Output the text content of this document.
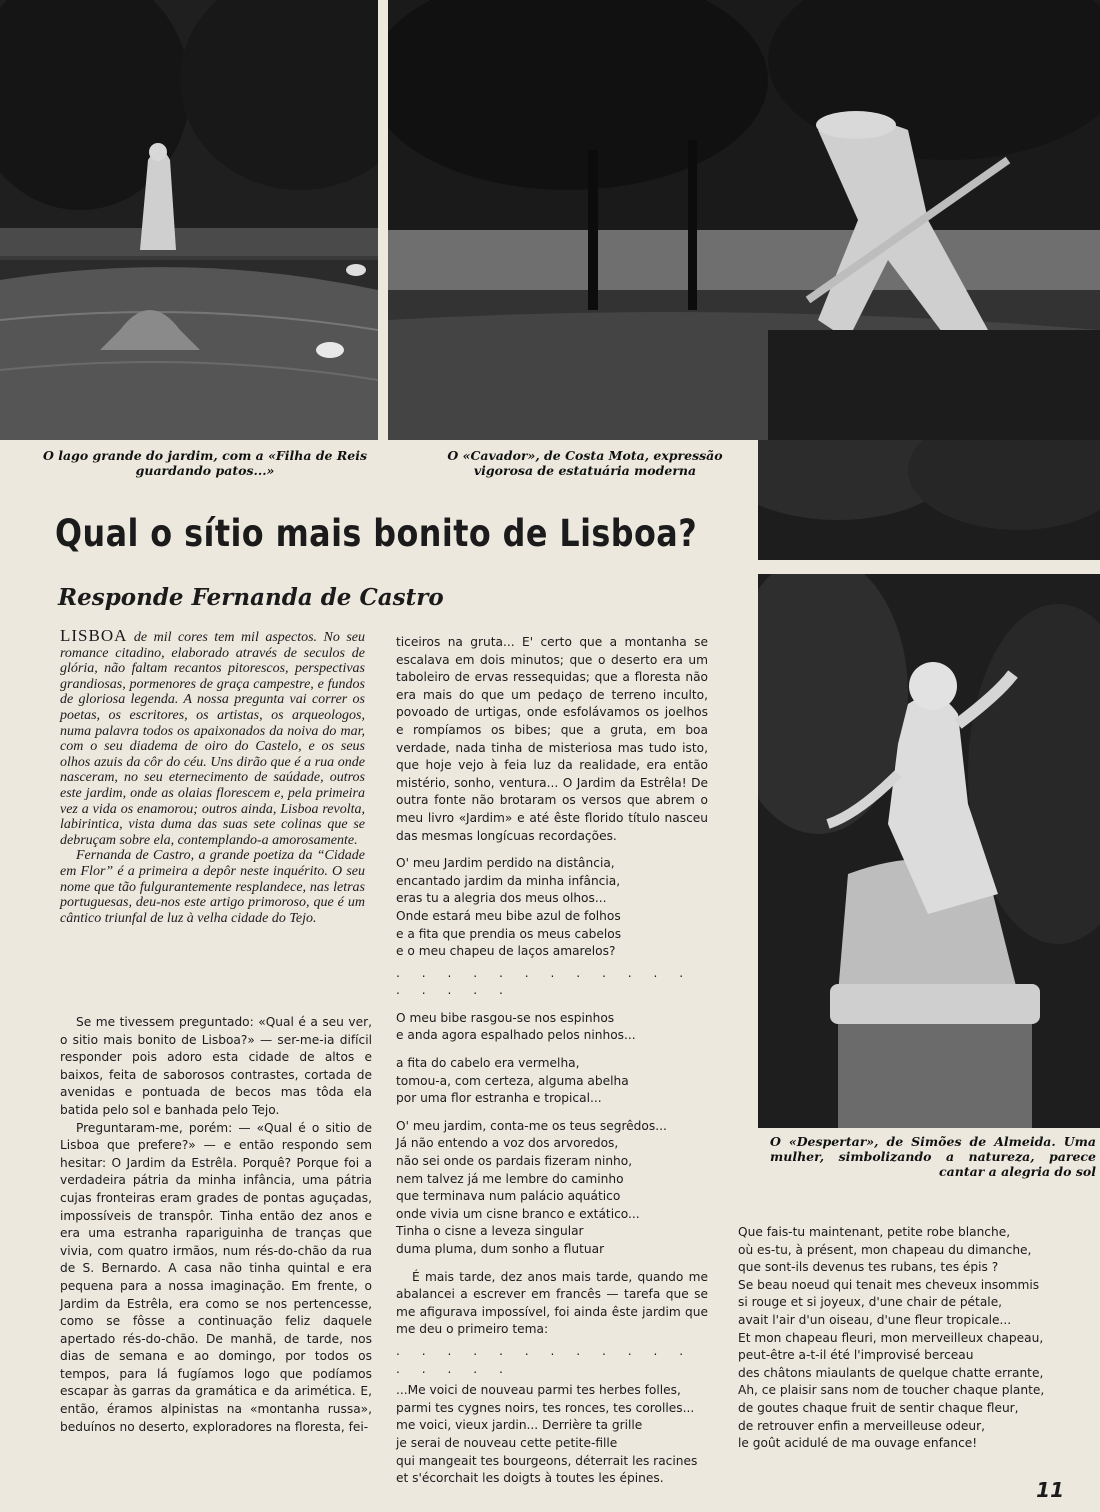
O lago grande do jardim, com a «Filha de Reis guardando patos...»
O «Cavador», de Costa Mota, expressão vigorosa de estatuária moderna
O «Despertar», de Simões de Almeida. Uma mulher, simbolizando a natureza, parece cantar a alegria do sol
Qual o sítio mais bonito de Lisboa?
Responde Fernanda de Castro

LISBOA de mil cores tem mil aspectos. No seu romance citadino, elaborado através de seculos de glória, não faltam recantos pitorescos, perspectivas grandiosas, pormenores de graça campestre, e fundos de gloriosa legenda. A nossa pregunta vai correr os poetas, os escritores, os artistas, os arqueologos, numa palavra todos os apaixonados da noiva do mar, com o seu diadema de oiro do Castelo, e os seus olhos azuis da côr do céu. Uns dirão que é a rua onde nasceram, no seu eternecimento de saúdade, outros este jardim, onde as olaias florescem e, pela primeira vez a vida os enamorou; outros ainda, Lisboa revolta, labirintica, vista duma das suas sete colinas que se debruçam sobre ela, contemplando-a amorosamente.

Fernanda de Castro, a grande poetiza da “Cidade em Flor” é a primeira a depôr neste inquérito. O seu nome que tão fulgurantemente resplandece, nas letras portuguesas, deu-nos este artigo primoroso, que é um cântico triunfal de luz à velha cidade do Tejo.

Se me tivessem preguntado: «Qual é a seu ver, o sitio mais bonito de Lisboa?» — ser-me-ia difícil responder pois adoro esta cidade de altos e baixos, feita de saborosos contrastes, cortada de avenidas e pontuada de becos mas tôda ela batida pelo sol e banhada pelo Tejo.

Preguntaram-me, porém: — «Qual é o sitio de Lisboa que prefere?» — e então respondo sem hesitar: O Jardim da Estrêla. Porquê? Porque foi a verdadeira pátria da minha infância, uma pátria cujas fronteiras eram grades de pontas aguçadas, impossíveis de transpôr. Tinha então dez anos e era uma estranha rapariguinha de tranças que vivia, com quatro irmãos, num rés-do-chão da rua de S. Bernardo. A casa não tinha quintal e era pequena para a nossa imaginação. Em frente, o Jardim da Estrêla, era como se nos pertencesse, como se fôsse a continuação feliz daquele apertado rés-do-chão. De manhã, de tarde, nos dias de semana e ao domingo, por todos os tempos, para lá fugíamos logo que podíamos escapar às garras da gramática e da arimética. E, então, éramos alpinistas na «montanha russa», beduínos no deserto, exploradores na floresta, fei-

ticeiros na gruta... E' certo que a montanha se escalava em dois minutos; que o deserto era um taboleiro de ervas ressequidas; que a floresta não era mais do que um pedaço de terreno inculto, povoado de urtigas, onde esfolávamos os joelhos e rompíamos os bibes; que a gruta, em boa verdade, nada tinha de misteriosa mas tudo isto, que hoje vejo à feia luz da realidade, era então mistério, sonho, ventura... O Jardim da Estrêla! De outra fonte não brotaram os versos que abrem o meu livro «Jardim» e até êste florido título nasceu das mesmas longícuas recordações.

O' meu Jardim perdido na distância,
encantado jardim da minha infância,
eras tu a alegria dos meus olhos...
Onde estará meu bibe azul de folhos
e a fita que prendia os meus cabelos
e o meu chapeu de laços amarelos?
. . . . . . . . . . . . . . . . .
O meu bibe rasgou-se nos espinhos
e anda agora espalhado pelos ninhos...
a fita do cabelo era vermelha,
tomou-a, com certeza, alguma abelha
por uma flor estranha e tropical...
O' meu jardim, conta-me os teus segrêdos...
Já não entendo a voz dos arvoredos,
não sei onde os pardais fizeram ninho,
nem talvez já me lembre do caminho
que terminava num palácio aquático
onde vivia um cisne branco e extático...
Tinha o cisne a leveza singular
duma pluma, dum sonho a flutuar

É mais tarde, dez anos mais tarde, quando me abalancei a escrever em francês — tarefa que se me afigurava impossível, foi ainda êste jardim que me deu o primeiro tema:

. . . . . . . . . . . . . . . . .
...Me voici de nouveau parmi tes herbes folles,
parmi tes cygnes noirs, tes ronces, tes corolles...
me voici, vieux jardin... Derrière ta grille
je serai de nouveau cette petite-fille
qui mangeait tes bourgeons, déterrait les racines
et s'écorchait les doigts à toutes les épines.
Que fais-tu maintenant, petite robe blanche,
où es-tu, à présent, mon chapeau du dimanche,
que sont-ils devenus tes rubans, tes épis ?
Se beau noeud qui tenait mes cheveux insommis
si rouge et si joyeux, d'une chair de pétale,
avait l'air d'un oiseau, d'une fleur tropicale...
Et mon chapeau fleuri, mon merveilleux chapeau,
peut-être a-t-il été l'improvisé berceau
des châtons miaulants de quelque chatte errante,
Ah, ce plaisir sans nom de toucher chaque plante,
de goutes chaque fruit de sentir chaque fleur,
de retrouver enfin a merveilleuse odeur,
le goût acidulé de ma ouvage enfance!
11
